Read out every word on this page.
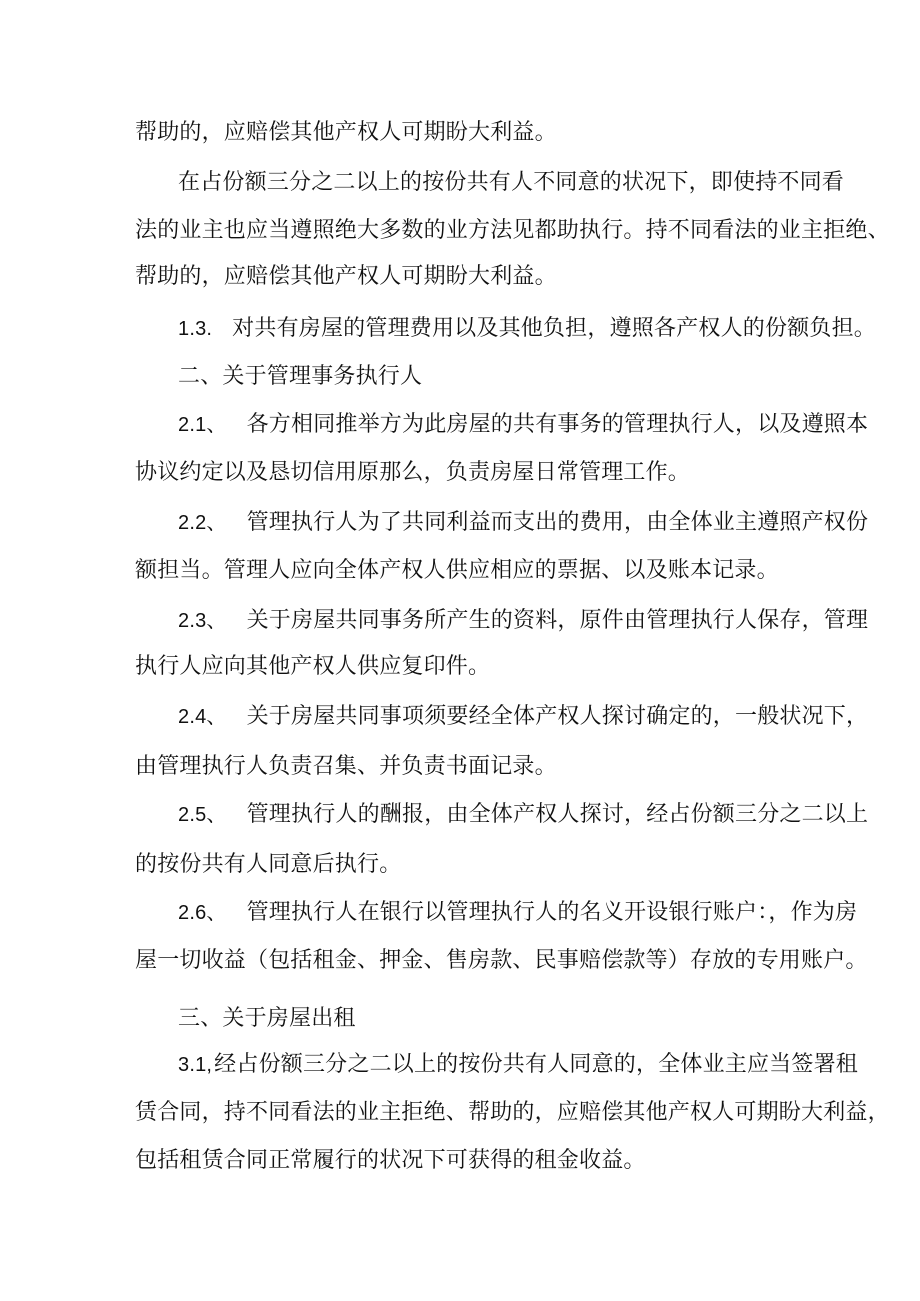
帮助的，应赔偿其他产权人可期盼大利益。
在占份额三分之二以上的按份共有人不同意的状况下，即使持不同看
法的业主也应当遵照绝大多数的业方法见都助执行。持不同看法的业主拒绝、
帮助的，应赔偿其他产权人可期盼大利益。
1.3. 对共有房屋的管理费用以及其他负担，遵照各产权人的份额负担。
二、关于管理事务执行人
2.1、 各方相同推举方为此房屋的共有事务的管理执行人，以及遵照本
协议约定以及恳切信用原那么，负责房屋日常管理工作。
2.2、 管理执行人为了共同利益而支出的费用，由全体业主遵照产权份
额担当。管理人应向全体产权人供应相应的票据、以及账本记录。
2.3、 关于房屋共同事务所产生的资料，原件由管理执行人保存，管理
执行人应向其他产权人供应复印件。
2.4、 关于房屋共同事项须要经全体产权人探讨确定的，一般状况下，
由管理执行人负责召集、并负责书面记录。
2.5、 管理执行人的酬报，由全体产权人探讨，经占份额三分之二以上
的按份共有人同意后执行。
2.6、 管理执行人在银行以管理执行人的名义开设银行账户：，作为房
屋一切收益（包括租金、押金、售房款、民事赔偿款等）存放的专用账户。
三、关于房屋出租
3.1,经占份额三分之二以上的按份共有人同意的，全体业主应当签署租
赁合同，持不同看法的业主拒绝、帮助的，应赔偿其他产权人可期盼大利益，
包括租赁合同正常履行的状况下可获得的租金收益。
